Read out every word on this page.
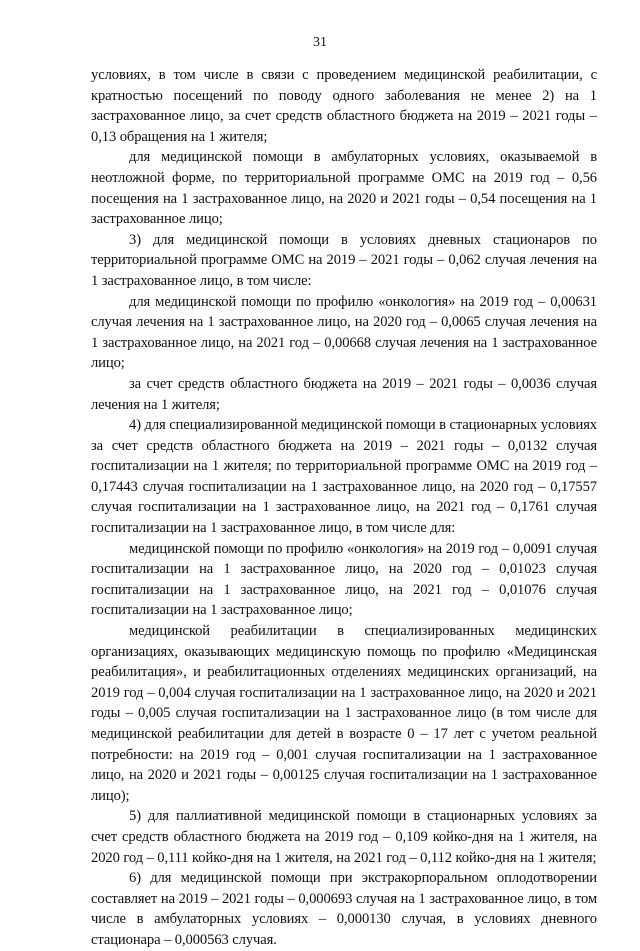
31

условиях, в том числе в связи с проведением медицинской реабилитации, с кратностью посещений по поводу одного заболевания не менее 2) на 1 застрахованное лицо, за счет средств областного бюджета на 2019 – 2021 годы – 0,13 обращения на 1 жителя;

для медицинской помощи в амбулаторных условиях, оказываемой в неотложной форме, по территориальной программе ОМС на 2019 год – 0,56 посещения на 1 застрахованное лицо, на 2020 и 2021 годы – 0,54 посещения на 1 застрахованное лицо;

3) для медицинской помощи в условиях дневных стационаров по территориальной программе ОМС на 2019 – 2021 годы – 0,062 случая лечения на 1 застрахованное лицо, в том числе:

для медицинской помощи по профилю «онкология» на 2019 год – 0,00631 случая лечения на 1 застрахованное лицо, на 2020 год – 0,0065 случая лечения на 1 застрахованное лицо, на 2021 год – 0,00668 случая лечения на 1 застрахованное лицо;

за счет средств областного бюджета на 2019 – 2021 годы – 0,0036 случая лечения на 1 жителя;

4) для специализированной медицинской помощи в стационарных условиях за счет средств областного бюджета на 2019 – 2021 годы – 0,0132 случая госпитализации на 1 жителя; по территориальной программе ОМС на 2019 год – 0,17443 случая госпитализации на 1 застрахованное лицо, на 2020 год – 0,17557 случая госпитализации на 1 застрахованное лицо, на 2021 год – 0,1761 случая госпитализации на 1 застрахованное лицо, в том числе для:

медицинской помощи по профилю «онкология» на 2019 год – 0,0091 случая госпитализации на 1 застрахованное лицо, на 2020 год – 0,01023 случая госпитализации на 1 застрахованное лицо, на 2021 год – 0,01076 случая госпитализации на 1 застрахованное лицо;

медицинской реабилитации в специализированных медицинских организациях, оказывающих медицинскую помощь по профилю «Медицинская реабилитация», и реабилитационных отделениях медицинских организаций, на 2019 год – 0,004 случая госпитализации на 1 застрахованное лицо, на 2020 и 2021 годы – 0,005 случая госпитализации на 1 застрахованное лицо (в том числе для медицинской реабилитации для детей в возрасте 0 – 17 лет с учетом реальной потребности: на 2019 год – 0,001 случая госпитализации на 1 застрахованное лицо, на 2020 и 2021 годы – 0,00125 случая госпитализации на 1 застрахованное лицо);

5) для паллиативной медицинской помощи в стационарных условиях за счет средств областного бюджета на 2019 год – 0,109 койко-дня на 1 жителя, на 2020 год – 0,111 койко-дня на 1 жителя, на 2021 год – 0,112 койко-дня на 1 жителя;

6) для медицинской помощи при экстракорпоральном оплодотворении составляет на 2019 – 2021 годы – 0,000693 случая на 1 застрахованное лицо, в том числе в амбулаторных условиях – 0,000130 случая, в условиях дневного стационара – 0,000563 случая.
